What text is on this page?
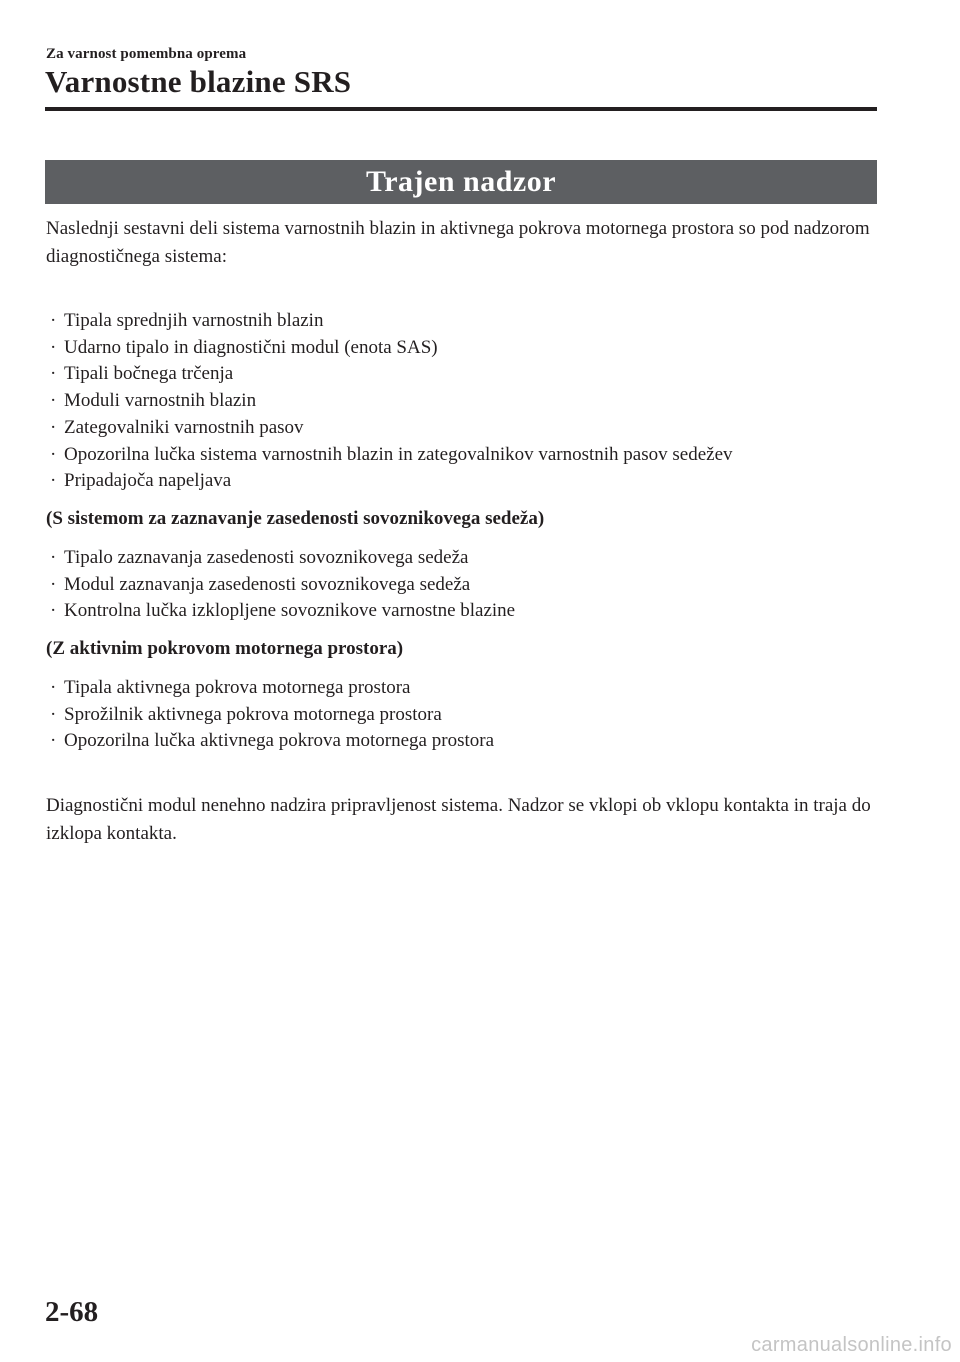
Za varnost pomembna oprema
Varnostne blazine SRS
Trajen nadzor

Naslednji sestavni deli sistema varnostnih blazin in aktivnega pokrova motornega prostora so pod nadzorom diagnostičnega sistema:

· Tipala sprednjih varnostnih blazin
· Udarno tipalo in diagnostični modul (enota SAS)
· Tipali bočnega trčenja
· Moduli varnostnih blazin
· Zategovalniki varnostnih pasov
· Opozorilna lučka sistema varnostnih blazin in zategovalnikov varnostnih pasov sedežev
· Pripadajoča napeljava

(S sistemom za zaznavanje zasedenosti sovoznikovega sedeža)

· Tipalo zaznavanja zasedenosti sovoznikovega sedeža
· Modul zaznavanja zasedenosti sovoznikovega sedeža
· Kontrolna lučka izklopljene sovoznikove varnostne blazine

(Z aktivnim pokrovom motornega prostora)

· Tipala aktivnega pokrova motornega prostora
· Sprožilnik aktivnega pokrova motornega prostora
· Opozorilna lučka aktivnega pokrova motornega prostora

Diagnostični modul nenehno nadzira pripravljenost sistema. Nadzor se vklopi ob vklopu kontakta in traja do izklopa kontakta.

2-68
carmanualsonline.info
